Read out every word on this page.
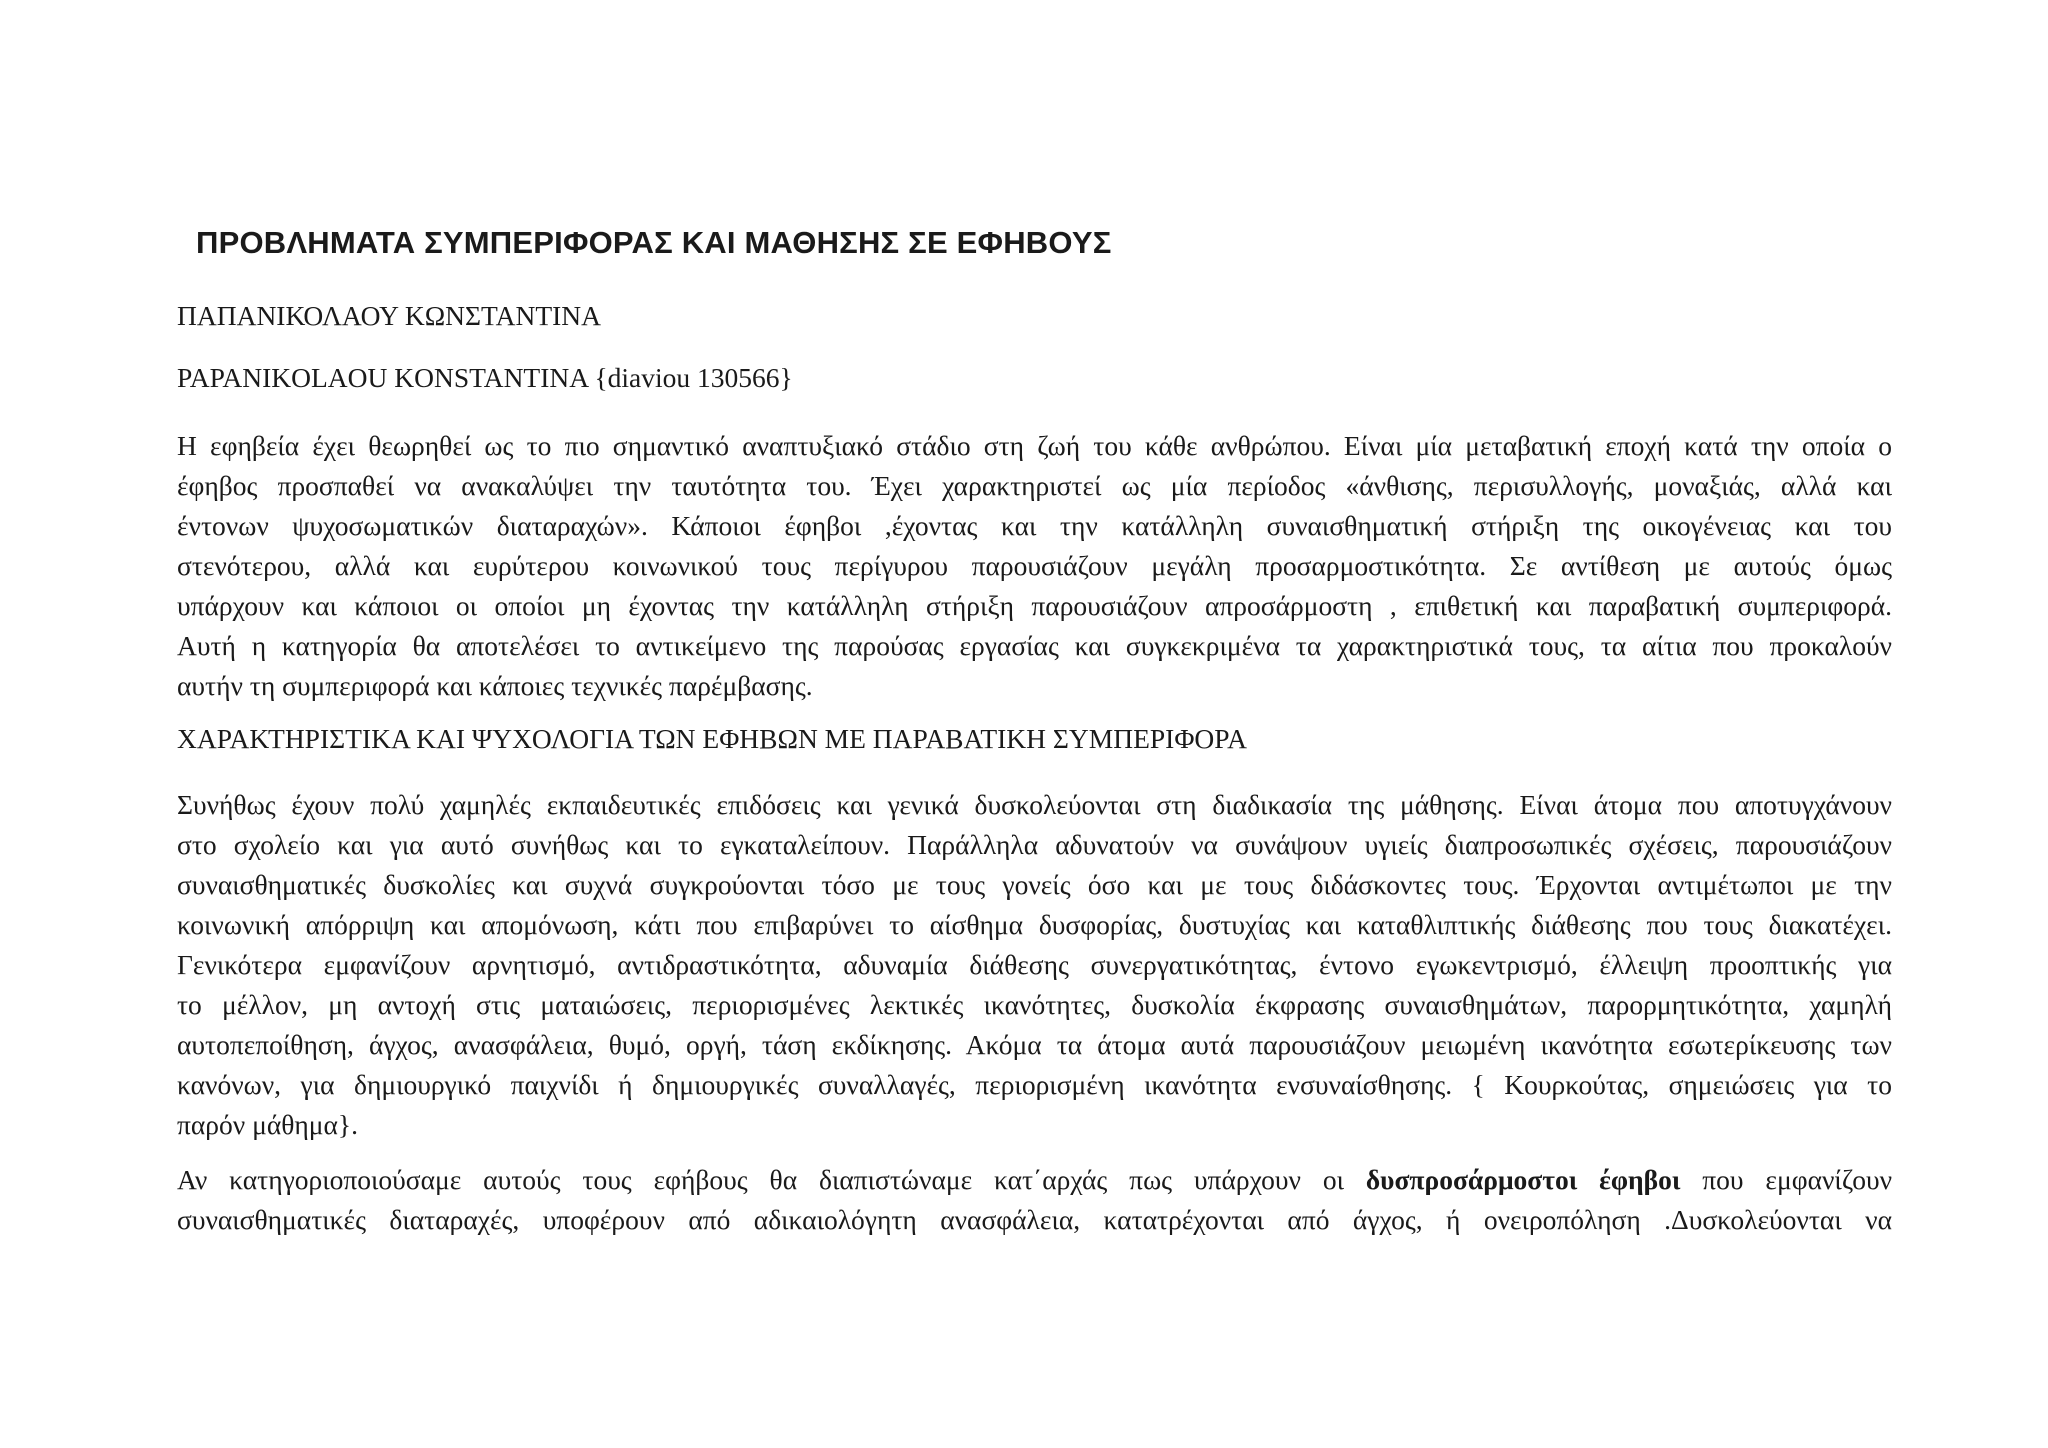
ΠΡΟΒΛΗΜΑΤΑ ΣΥΜΠΕΡΙΦΟΡΑΣ ΚΑΙ ΜΑΘΗΣΗΣ ΣΕ ΕΦΗΒΟΥΣ

ΠΑΠΑΝΙΚΟΛΑΟΥ ΚΩΝΣΤΑΝΤΙΝΑ

PAPANIKOLAOU KONSTANTINA {diaviou 130566}

Η εφηβεία έχει θεωρηθεί ως το πιο σημαντικό αναπτυξιακό στάδιο στη ζωή του κάθε ανθρώπου. Είναι μία μεταβατική εποχή κατά την οποία ο
έφηβος προσπαθεί να ανακαλύψει την ταυτότητα του. Έχει χαρακτηριστεί ως μία περίοδος «άνθισης, περισυλλογής, μοναξιάς, αλλά και
έντονων ψυχοσωματικών διαταραχών». Κάποιοι έφηβοι ,έχοντας και την κατάλληλη συναισθηματική στήριξη της οικογένειας και του
στενότερου, αλλά και ευρύτερου κοινωνικού τους περίγυρου παρουσιάζουν μεγάλη προσαρμοστικότητα. Σε αντίθεση με αυτούς όμως
υπάρχουν και κάποιοι οι οποίοι μη έχοντας την κατάλληλη στήριξη παρουσιάζουν απροσάρμοστη , επιθετική και παραβατική συμπεριφορά.
Αυτή η κατηγορία θα αποτελέσει το αντικείμενο της παρούσας εργασίας και συγκεκριμένα τα χαρακτηριστικά τους, τα αίτια που προκαλούν
αυτήν τη συμπεριφορά και κάποιες τεχνικές παρέμβασης.
ΧΑΡΑΚΤΗΡΙΣΤΙΚΑ ΚΑΙ ΨΥΧΟΛΟΓΙΑ ΤΩΝ ΕΦΗΒΩΝ ΜΕ ΠΑΡΑΒΑΤΙΚΗ ΣΥΜΠΕΡΙΦΟΡΑ
Συνήθως έχουν πολύ χαμηλές εκπαιδευτικές επιδόσεις και γενικά δυσκολεύονται στη διαδικασία της μάθησης. Είναι άτομα που αποτυγχάνουν
στο σχολείο και για αυτό συνήθως και το εγκαταλείπουν. Παράλληλα αδυνατούν να συνάψουν υγιείς διαπροσωπικές σχέσεις, παρουσιάζουν
συναισθηματικές δυσκολίες και συχνά συγκρούονται τόσο με τους γονείς όσο και με τους διδάσκοντες τους. Έρχονται αντιμέτωποι με την
κοινωνική απόρριψη και απομόνωση, κάτι που επιβαρύνει το αίσθημα δυσφορίας, δυστυχίας και καταθλιπτικής διάθεσης που τους διακατέχει.
Γενικότερα εμφανίζουν αρνητισμό, αντιδραστικότητα, αδυναμία διάθεσης συνεργατικότητας, έντονο εγωκεντρισμό, έλλειψη προοπτικής για
το μέλλον, μη αντοχή στις ματαιώσεις, περιορισμένες λεκτικές ικανότητες, δυσκολία έκφρασης συναισθημάτων, παρορμητικότητα, χαμηλή
αυτοπεποίθηση, άγχος, ανασφάλεια, θυμό, οργή, τάση εκδίκησης. Ακόμα τα άτομα αυτά παρουσιάζουν μειωμένη ικανότητα εσωτερίκευσης των
κανόνων, για δημιουργικό παιχνίδι ή δημιουργικές συναλλαγές, περιορισμένη ικανότητα ενσυναίσθησης. { Κουρκούτας, σημειώσεις για το
παρόν μάθημα}.
Αν κατηγοριοποιούσαμε αυτούς τους εφήβους θα διαπιστώναμε κατ΄αρχάς πως υπάρχουν οι δυσπροσάρμοστοι έφηβοι που εμφανίζουν
συναισθηματικές διαταραχές, υποφέρουν από αδικαιολόγητη ανασφάλεια, κατατρέχονται από άγχος, ή ονειροπόληση .Δυσκολεύονται να
